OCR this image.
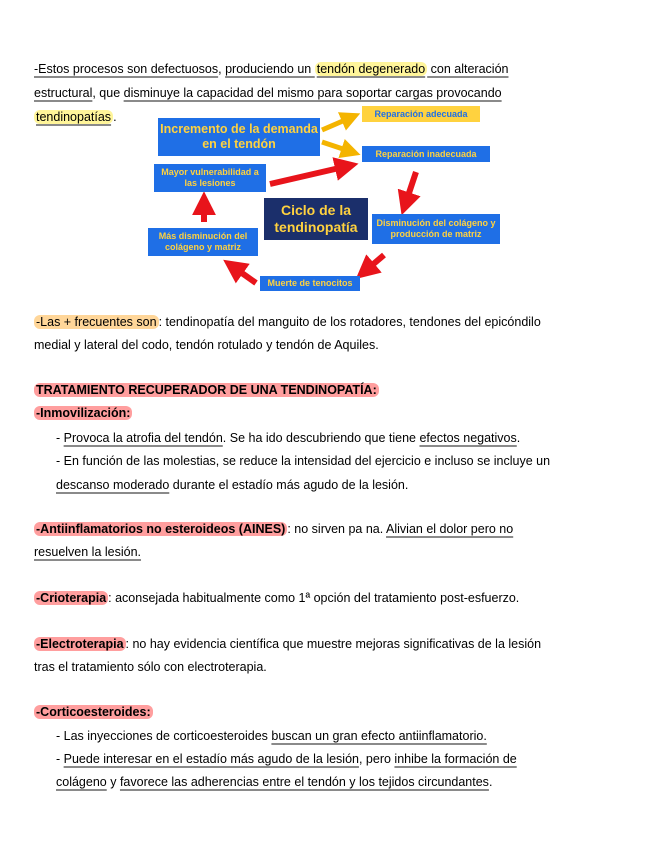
-Estos procesos son defectuosos, produciendo un tendón degenerado con alteración
estructural, que disminuye la capacidad del mismo para soportar cargas provocando
tendinopatías .
Incremento de la demanda en el tendón
Reparación adecuada
Reparación inadecuada
Mayor vulnerabilidad a las lesiones
Ciclo de la tendinopatía	Disminución del colágeno y producción de matriz
Más disminución del colágeno y matriz
Muerte de tenocitos
-Las + frecuentes son : tendinopatía del manguito de los rotadores, tendones del epicóndilo
medial y lateral del codo, tendón rotulado y tendón de Aquiles.
TRATAMIENTO RECUPERADOR DE UNA TENDINOPATÍA:
-Inmovilización:
- Provoca la atrofia del tendón. Se ha ido descubriendo que tiene efectos negativos.
- En función de las molestias, se reduce la intensidad del ejercicio e incluso se incluye un
descanso moderado durante el estadío más agudo de la lesión.
-Antiinflamatorios no esteroideos (AINES) : no sirven pa na. Alivian el dolor pero no
resuelven la lesión.
-Crioterapia : aconsejada habitualmente como 1ª opción del tratamiento post-esfuerzo.
-Electroterapia : no hay evidencia científica que muestre mejoras significativas de la lesión
tras el tratamiento sólo con electroterapia.
-Corticoesteroides:
- Las inyecciones de corticoesteroides buscan un gran efecto antiinflamatorio.
- Puede interesar en el estadío más agudo de la lesión, pero inhibe la formación de
colágeno y favorece las adherencias entre el tendón y los tejidos circundantes.
